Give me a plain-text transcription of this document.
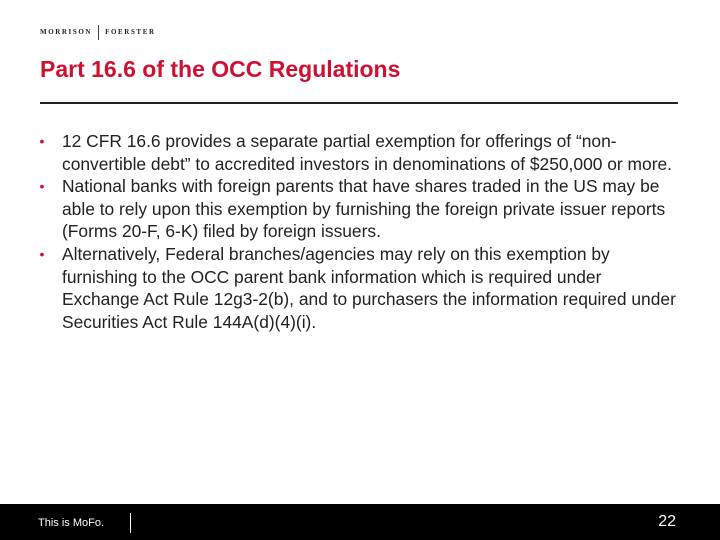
MORRISON FOERSTER
Part 16.6 of the OCC Regulations
•	12 CFR 16.6 provides a separate partial exemption for offerings of “non-convertible debt” to accredited investors in denominations of $250,000 or more.
•	National banks with foreign parents that have shares traded in the US may be able to rely upon this exemption by furnishing the foreign private issuer reports (Forms 20-F, 6-K) filed by foreign issuers.
•	Alternatively, Federal branches/agencies may rely on this exemption by furnishing to the OCC parent bank information which is required under Exchange Act Rule 12g3-2(b), and to purchasers the information required under Securities Act Rule 144A(d)(4)(i).
This is MoFo.	22
